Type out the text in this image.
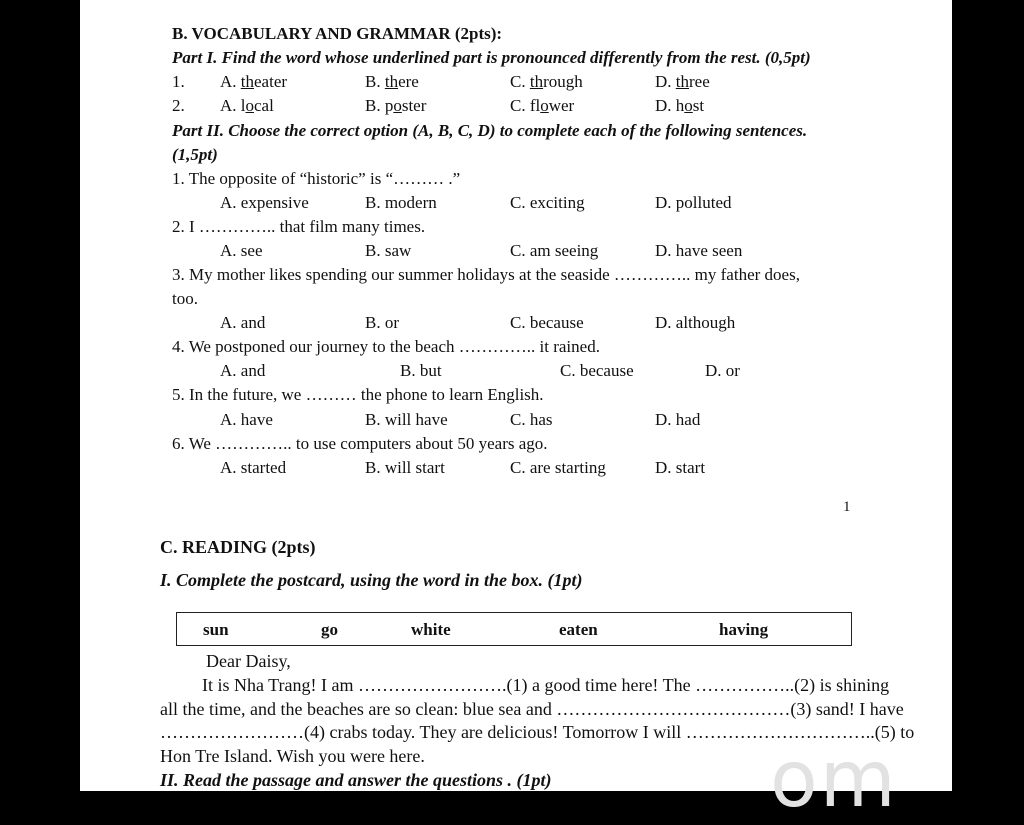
B. VOCABULARY AND GRAMMAR (2pts):
Part I. Find the word whose underlined part is pronounced differently from the rest. (0,5pt)
1. A. theater	B. there	C. through	D. three
2. A. local	B. poster	C. flower	D. host
Part II. Choose the correct option (A, B, C, D) to complete each of the following sentences.
(1,5pt)
1. The opposite of “historic” is “……… .”
A. expensive	B. modern	C. exciting	D. polluted
2. I ………….. that film many times.
A. see	B. saw	C. am seeing	D. have seen
3. My mother likes spending our summer holidays at the seaside ………….. my father does,
too.
A. and	B. or	C. because	D. although
4. We postponed our journey to the beach ………….. it rained.
A. and	B. but	C. because	D. or
5. In the future, we ……… the phone to learn English.
A. have	B. will have	C. has	D. had
6. We ………….. to use computers about 50 years ago.
A. started	B. will start	C. are starting	D. start
1
C. READING (2pts)
I. Complete the postcard, using the word in the box. (1pt)
sun	go	white	eaten	having
Dear Daisy,
It is Nha Trang! I am …………………….(1) a good time here! The ……………..(2) is shining
all the time, and the beaches are so clean: blue sea and …………………………………(3) sand! I have
……………………(4) crabs today. They are delicious! Tomorrow I will …………………………..(5) to
Hon Tre Island. Wish you were here.
II. Read the passage and answer the questions . (1pt)	om
